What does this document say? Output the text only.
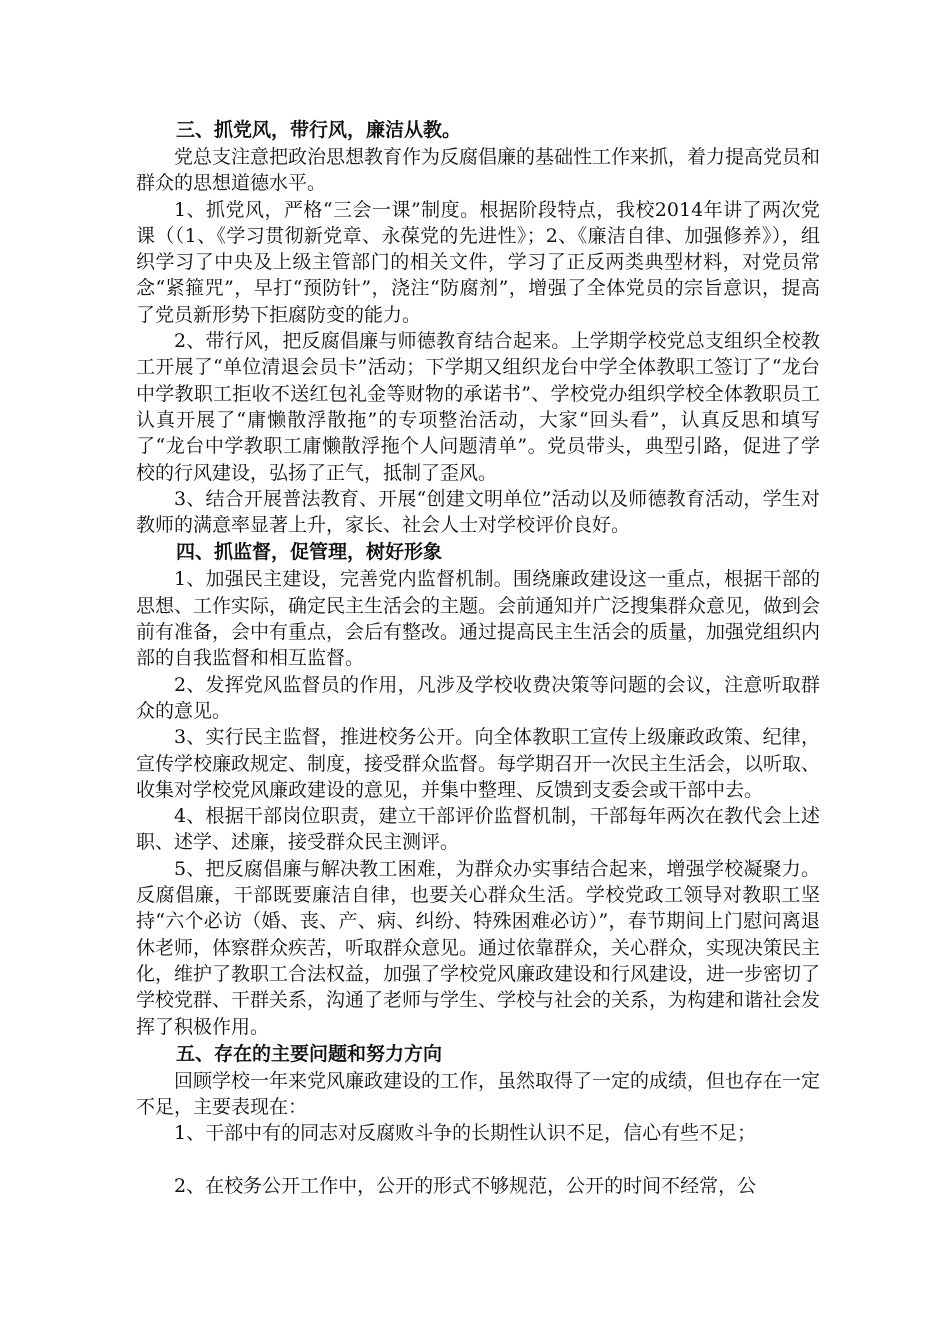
三、抓党风，带行风，廉洁从教。

党总支注意把政治思想教育作为反腐倡廉的基础性工作来抓，着力提高党员和群众的思想道德水平。

1、抓党风，严格“三会一课”制度。根据阶段特点，我校2014年讲了两次党课（（1、《学习贯彻新党章、永葆党的先进性》；2、《廉洁自律、加强修养》），组织学习了中央及上级主管部门的相关文件，学习了正反两类典型材料，对党员常念“紧箍咒”，早打“预防针”，浇注“防腐剂”，增强了全体党员的宗旨意识，提高了党员新形势下拒腐防变的能力。

2、带行风，把反腐倡廉与师德教育结合起来。上学期学校党总支组织全校教工开展了“单位清退会员卡”活动；下学期又组织龙台中学全体教职工签订了“龙台中学教职工拒收不送红包礼金等财物的承诺书”、学校党办组织学校全体教职员工认真开展了“庸懒散浮散拖”的专项整治活动，大家“回头看”，认真反思和填写了“龙台中学教职工庸懒散浮拖个人问题清单”。党员带头，典型引路，促进了学校的行风建设，弘扬了正气，抵制了歪风。

3、结合开展普法教育、开展“创建文明单位”活动以及师德教育活动，学生对教师的满意率显著上升，家长、社会人士对学校评价良好。

四、抓监督，促管理，树好形象

1、加强民主建设，完善党内监督机制。围绕廉政建设这一重点，根据干部的思想、工作实际，确定民主生活会的主题。会前通知并广泛搜集群众意见，做到会前有准备，会中有重点，会后有整改。通过提高民主生活会的质量，加强党组织内部的自我监督和相互监督。

2、发挥党风监督员的作用，凡涉及学校收费决策等问题的会议，注意听取群众的意见。

3、实行民主监督，推进校务公开。向全体教职工宣传上级廉政政策、纪律，宣传学校廉政规定、制度，接受群众监督。每学期召开一次民主生活会，以听取、收集对学校党风廉政建设的意见，并集中整理、反馈到支委会或干部中去。

4、根据干部岗位职责，建立干部评价监督机制，干部每年两次在教代会上述职、述学、述廉，接受群众民主测评。

5、把反腐倡廉与解决教工困难，为群众办实事结合起来，增强学校凝聚力。反腐倡廉，干部既要廉洁自律，也要关心群众生活。学校党政工领导对教职工坚持“六个必访（婚、丧、产、病、纠纷、特殊困难必访）”，春节期间上门慰问离退休老师，体察群众疾苦，听取群众意见。通过依靠群众，关心群众，实现决策民主化，维护了教职工合法权益，加强了学校党风廉政建设和行风建设，进一步密切了学校党群、干群关系，沟通了老师与学生、学校与社会的关系，为构建和谐社会发挥了积极作用。

五、存在的主要问题和努力方向

回顾学校一年来党风廉政建设的工作，虽然取得了一定的成绩，但也存在一定不足，主要表现在：

1、干部中有的同志对反腐败斗争的长期性认识不足，信心有些不足；

2、在校务公开工作中，公开的形式不够规范，公开的时间不经常，公
